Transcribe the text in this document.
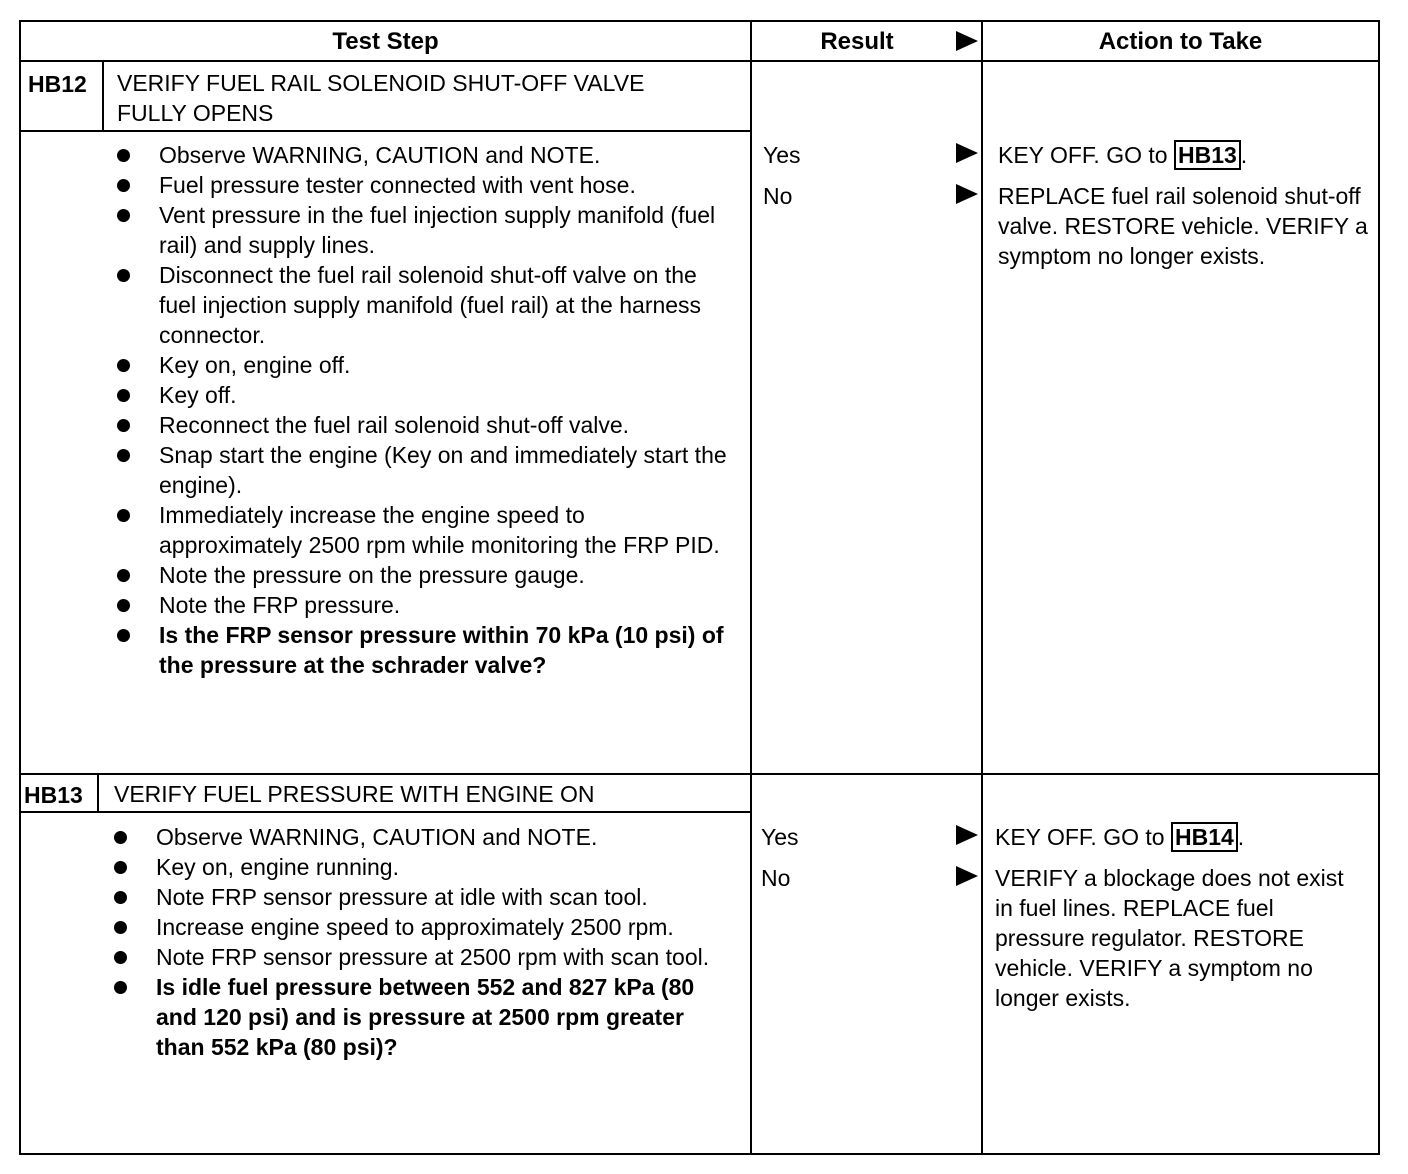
Test Step	Result	Action to Take
HB12 VERIFY FUEL RAIL SOLENOID SHUT-OFF VALVE FULLY OPENS
Observe WARNING, CAUTION and NOTE.
Fuel pressure tester connected with vent hose.
Vent pressure in the fuel injection supply manifold (fuel rail) and supply lines.
Disconnect the fuel rail solenoid shut-off valve on the fuel injection supply manifold (fuel rail) at the harness connector.
Key on, engine off.
Key off.
Reconnect the fuel rail solenoid shut-off valve.
Snap start the engine (Key on and immediately start the engine).
Immediately increase the engine speed to approximately 2500 rpm while monitoring the FRP PID.
Note the pressure on the pressure gauge.
Note the FRP pressure.
Is the FRP sensor pressure within 70 kPa (10 psi) of the pressure at the schrader valve?
Yes
No
KEY OFF. GO to HB13 .
REPLACE fuel rail solenoid shut-off valve. RESTORE vehicle. VERIFY a symptom no longer exists.
HB13 VERIFY FUEL PRESSURE WITH ENGINE ON
Observe WARNING, CAUTION and NOTE.
Key on, engine running.
Note FRP sensor pressure at idle with scan tool.
Increase engine speed to approximately 2500 rpm.
Note FRP sensor pressure at 2500 rpm with scan tool.
Is idle fuel pressure between 552 and 827 kPa (80 and 120 psi) and is pressure at 2500 rpm greater than 552 kPa (80 psi)?
Yes
No
KEY OFF. GO to HB14 .
VERIFY a blockage does not exist in fuel lines. REPLACE fuel pressure regulator. RESTORE vehicle. VERIFY a symptom no longer exists.
